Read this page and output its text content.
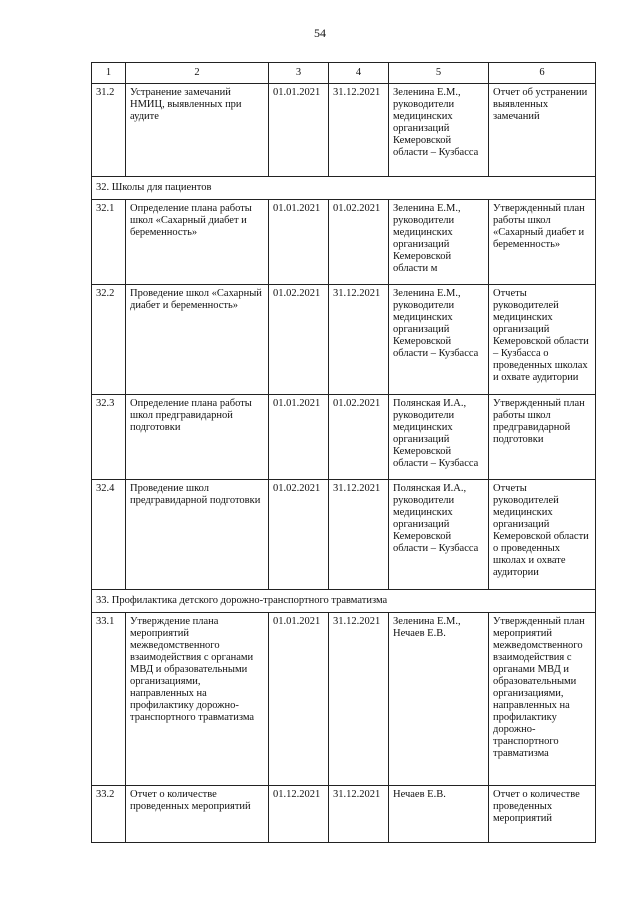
54
1	2	3	4	5	6
31.2	Устранение замечаний НМИЦ, выявленных при аудите	01.01.2021	31.12.2021	Зеленина Е.М., руководители медицинских организаций Кемеровской области – Кузбасса	Отчет об устранении выявленных замечаний
32. Школы для пациентов					
32.1	Определение плана работы школ «Сахарный диабет и беременность»	01.01.2021	01.02.2021	Зеленина Е.М., руководители медицинских организаций Кемеровской области м	Утвержденный план работы школ «Сахарный диабет и беременность»
32.2	Проведение школ «Сахарный диабет и беременность»	01.02.2021	31.12.2021	Зеленина Е.М., руководители медицинских организаций Кемеровской области – Кузбасса	Отчеты руководителей медицинских организаций Кемеровской области – Кузбасса о проведенных школах и охвате аудитории
32.3	Определение плана работы школ предгравидарной подготовки	01.01.2021	01.02.2021	Полянская И.А., руководители медицинских организаций Кемеровской области – Кузбасса	Утвержденный план работы школ предгравидарной подготовки
32.4	Проведение школ предгравидарной подготовки	01.02.2021	31.12.2021	Полянская И.А., руководители медицинских организаций Кемеровской области – Кузбасса	Отчеты руководителей медицинских организаций Кемеровской области о проведенных школах и охвате аудитории
33. Профилактика детского дорожно-транспортного травматизма					
33.1	Утверждение плана мероприятий межведомственного взаимодействия с органами МВД и образовательными организациями, направленных на профилактику дорожно-транспортного травматизма	01.01.2021	31.12.2021	Зеленина Е.М., Нечаев Е.В.	Утвержденный план мероприятий межведомственного взаимодействия с органами МВД и образовательными организациями, направленных на профилактику дорожно-транспортного травматизма
33.2	Отчет о количестве проведенных мероприятий	01.12.2021	31.12.2021	Нечаев Е.В.	Отчет о количестве проведенных мероприятий
